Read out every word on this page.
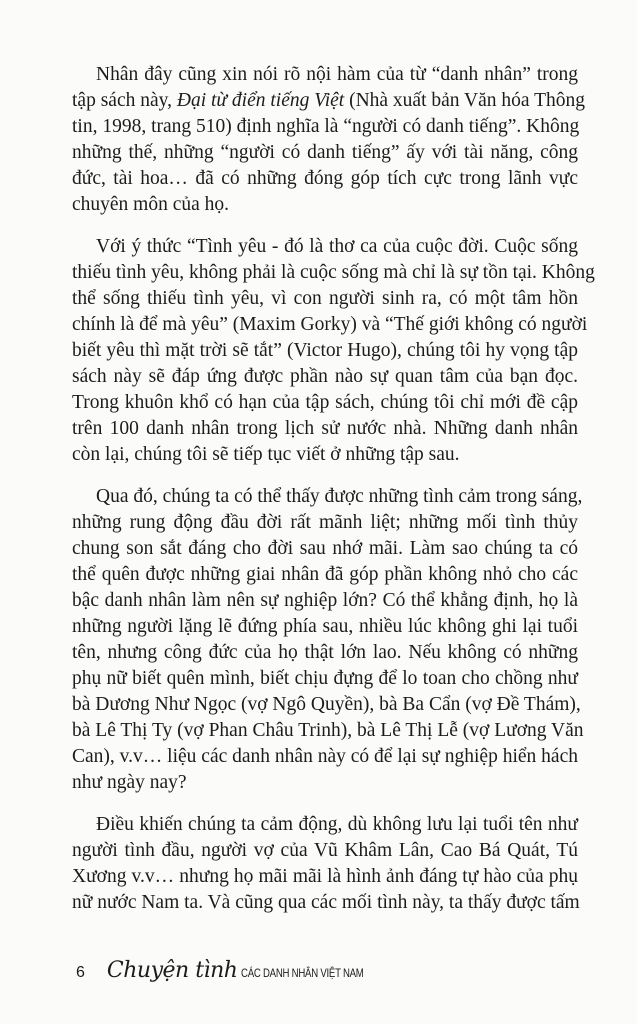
Nhân đây cũng xin nói rõ nội hàm của từ “danh nhân” trong
tập sách này, Đại từ điển tiếng Việt (Nhà xuất bản Văn hóa Thông
tin, 1998, trang 510) định nghĩa là “người có danh tiếng”. Không
những thế, những “người có danh tiếng” ấy với tài năng, công
đức, tài hoa… đã có những đóng góp tích cực trong lãnh vực
chuyên môn của họ.
Với ý thức “Tình yêu - đó là thơ ca của cuộc đời. Cuộc sống
thiếu tình yêu, không phải là cuộc sống mà chỉ là sự tồn tại. Không
thể sống thiếu tình yêu, vì con người sinh ra, có một tâm hồn
chính là để mà yêu” (Maxim Gorky) và “Thế giới không có người
biết yêu thì mặt trời sẽ tắt” (Victor Hugo), chúng tôi hy vọng tập
sách này sẽ đáp ứng được phần nào sự quan tâm của bạn đọc.
Trong khuôn khổ có hạn của tập sách, chúng tôi chỉ mới đề cập
trên 100 danh nhân trong lịch sử nước nhà. Những danh nhân
còn lại, chúng tôi sẽ tiếp tục viết ở những tập sau.
Qua đó, chúng ta có thể thấy được những tình cảm trong sáng,
những rung động đầu đời rất mãnh liệt; những mối tình thủy
chung son sắt đáng cho đời sau nhớ mãi. Làm sao chúng ta có
thể quên được những giai nhân đã góp phần không nhỏ cho các
bậc danh nhân làm nên sự nghiệp lớn? Có thể khẳng định, họ là
những người lặng lẽ đứng phía sau, nhiều lúc không ghi lại tuổi
tên, nhưng công đức của họ thật lớn lao. Nếu không có những
phụ nữ biết quên mình, biết chịu đựng để lo toan cho chồng như
bà Dương Như Ngọc (vợ Ngô Quyền), bà Ba Cẩn (vợ Đề Thám),
bà Lê Thị Ty (vợ Phan Châu Trinh), bà Lê Thị Lễ (vợ Lương Văn
Can), v.v… liệu các danh nhân này có để lại sự nghiệp hiển hách
như ngày nay?
Điều khiến chúng ta cảm động, dù không lưu lại tuổi tên như
người tình đầu, người vợ của Vũ Khâm Lân, Cao Bá Quát, Tú
Xương v.v… nhưng họ mãi mãi là hình ảnh đáng tự hào của phụ
nữ nước Nam ta. Và cũng qua các mối tình này, ta thấy được tấm
6 Chuyện tình CÁC DANH NHÂN VIỆT NAM
